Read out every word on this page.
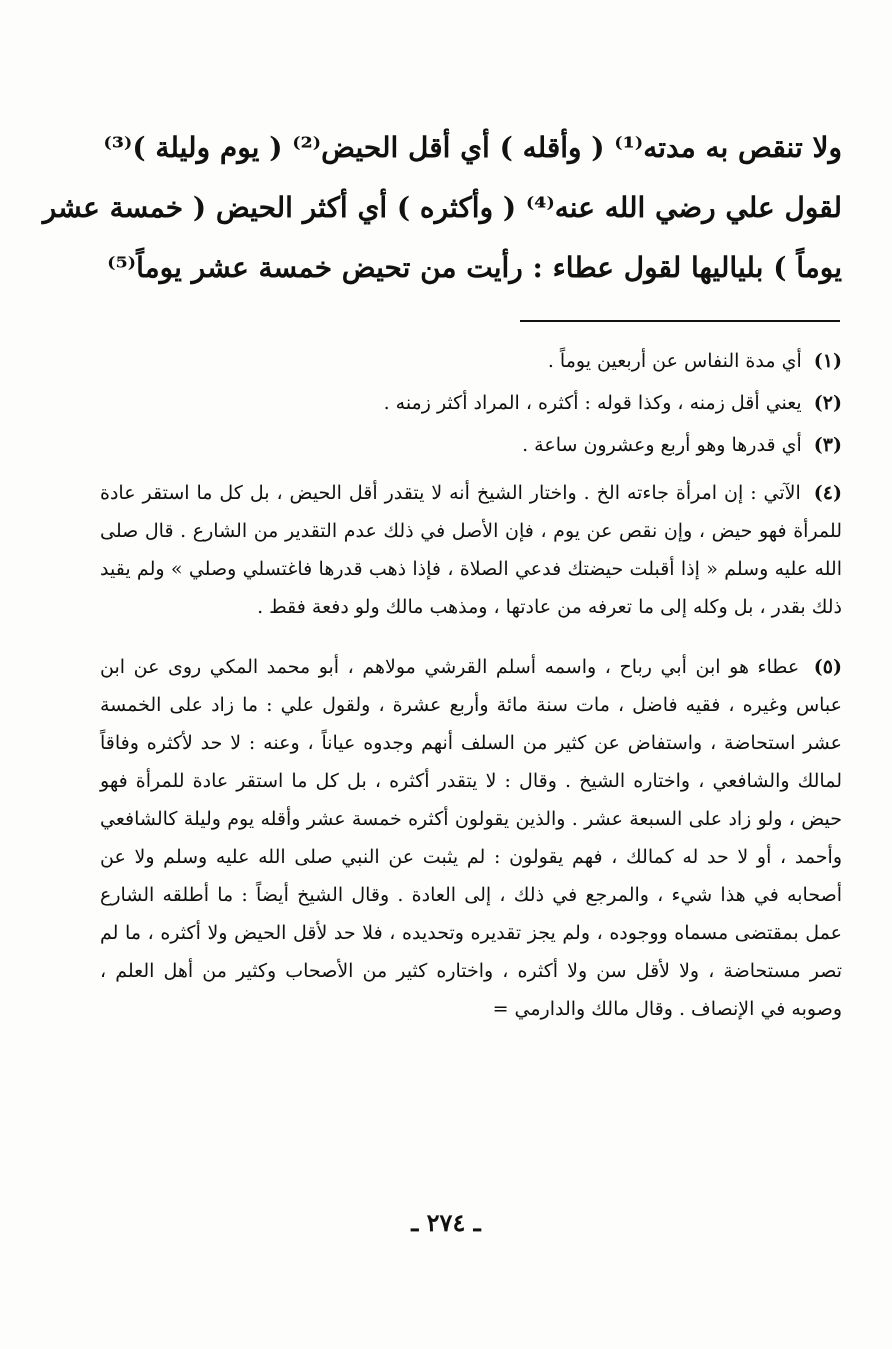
ولا تنقص به مدته⁽¹⁾ ( وأقله ) أي أقل الحيض⁽²⁾ ( يوم وليلة )⁽³⁾
لقول علي رضي الله عنه⁽⁴⁾ ( وأكثره ) أي أكثر الحيض ( خمسة عشر
يوماً ) بلياليها لقول عطاء : رأيت من تحيض خمسة عشر يوماً⁽⁵⁾

(١) أي مدة النفاس عن أربعين يوماً .

(٢) يعني أقل زمنه ، وكذا قوله : أكثره ، المراد أكثر زمنه .

(٣) أي قدرها وهو أربع وعشرون ساعة .

(٤) الآتي : إن امرأة جاءته الخ . واختار الشيخ أنه لا يتقدر أقل الحيض ، بل كل ما استقر عادة للمرأة فهو حيض ، وإن نقص عن يوم ، فإن الأصل في ذلك عدم التقدير من الشارع . قال صلى الله عليه وسلم « إذا أقبلت حيضتك فدعي الصلاة ، فإذا ذهب قدرها فاغتسلي وصلي » ولم يقيد ذلك بقدر ، بل وكله إلى ما تعرفه من عادتها ، ومذهب مالك ولو دفعة فقط .

(٥) عطاء هو ابن أبي رباح ، واسمه أسلم القرشي مولاهم ، أبو محمد المكي روى عن ابن عباس وغيره ، فقيه فاضل ، مات سنة مائة وأربع عشرة ، ولقول علي : ما زاد على الخمسة عشر استحاضة ، واستفاض عن كثير من السلف أنهم وجدوه عياناً ، وعنه : لا حد لأكثره وفاقاً لمالك والشافعي ، واختاره الشيخ . وقال : لا يتقدر أكثره ، بل كل ما استقر عادة للمرأة فهو حيض ، ولو زاد على السبعة عشر . والذين يقولون أكثره خمسة عشر وأقله يوم وليلة كالشافعي وأحمد ، أو لا حد له كمالك ، فهم يقولون : لم يثبت عن النبي صلى الله عليه وسلم ولا عن أصحابه في هذا شيء ، والمرجع في ذلك ، إلى العادة . وقال الشيخ أيضاً : ما أطلقه الشارع عمل بمقتضى مسماه ووجوده ، ولم يجز تقديره وتحديده ، فلا حد لأقل الحيض ولا أكثره ، ما لم تصر مستحاضة ، ولا لأقل سن ولا أكثره ، واختاره كثير من الأصحاب وكثير من أهل العلم ، وصوبه في الإنصاف . وقال مالك والدارمي =

ـ ٢٧٤ ـ
